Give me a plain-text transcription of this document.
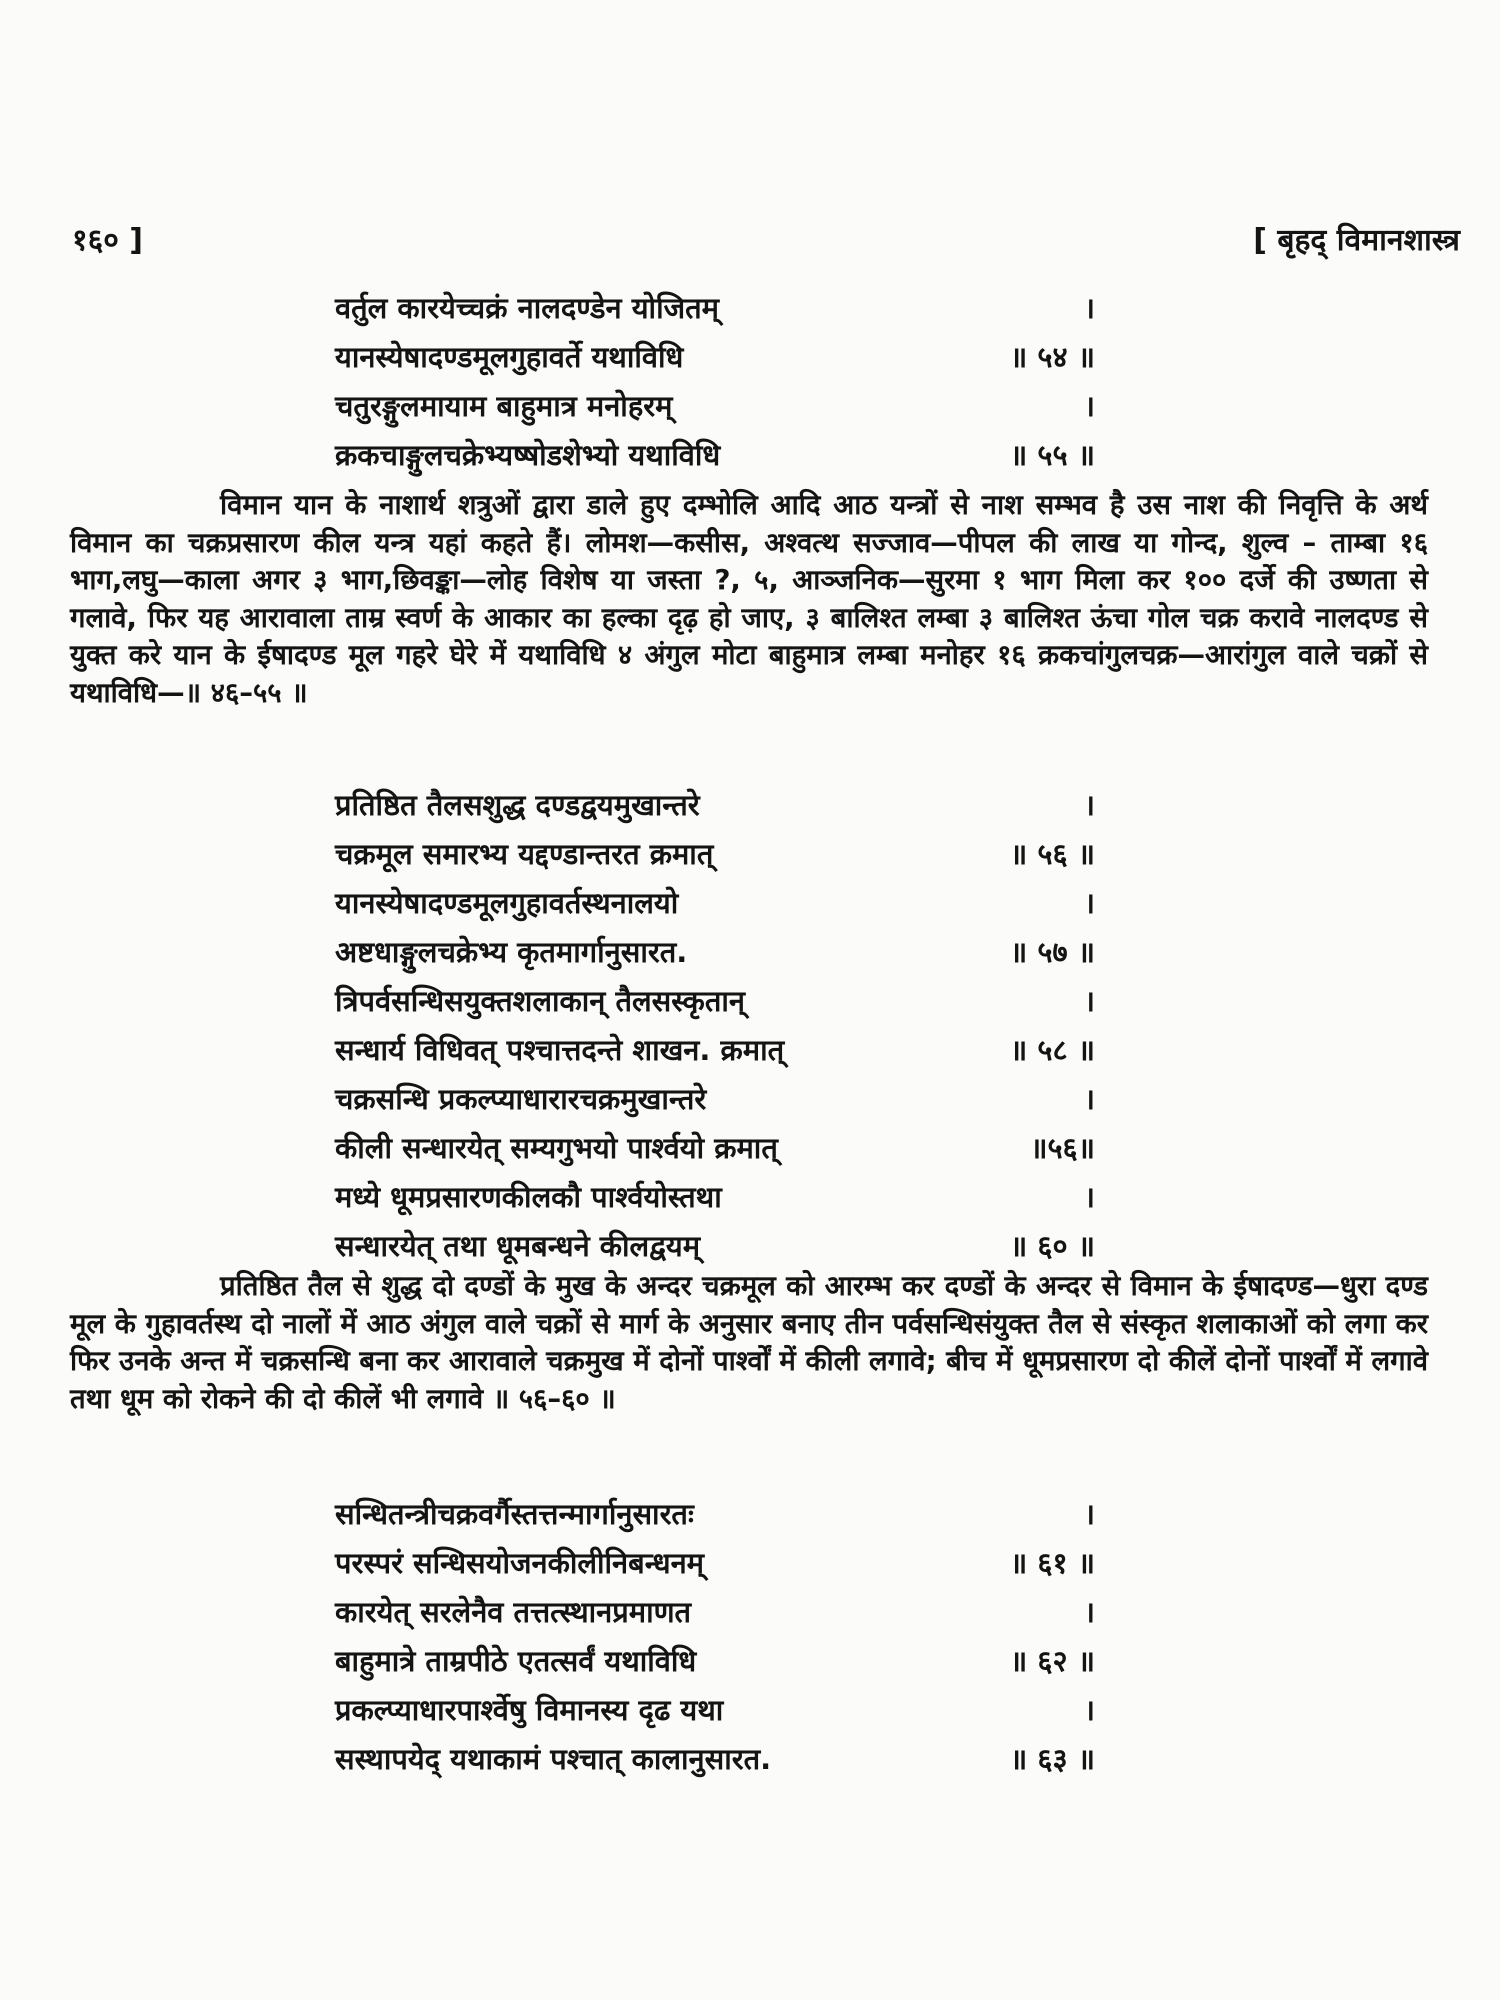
१६० ]	[ बृहद् विमानशास्त्र
वर्तुल कारयेच्चक्रं नालदण्डेन योजितम्	।
यानस्येषादण्डमूलगुहावर्ते यथाविधि	॥ ५४ ॥
चतुरङ्गुलमायाम बाहुमात्र मनोहरम्	।
क्रकचाङ्गुलचक्रेभ्यष्षोडशेभ्यो यथाविधि	॥ ५५ ॥

विमान यान के नाशार्थ शत्रुओं द्वारा डाले हुए दम्भोलि आदि आठ यन्त्रों से नाश सम्भव है उस नाश की निवृत्ति के अर्थ विमान का चक्रप्रसारण कील यन्त्र यहां कहते हैं। लोमश—कसीस, अश्वत्थ सज्जाव—पीपल की लाख या गोन्द, शुल्व – ताम्बा १६ भाग,लघु—काला अगर ३ भाग,छिवङ्का—लोह विशेष या जस्ता ?, ५, आञ्जनिक—सुरमा १ भाग मिला कर १०० दर्जे की उष्णता से गलावे, फिर यह आरावाला ताम्र स्वर्ण के आकार का हल्का दृढ़ हो जाए, ३ बालिश्त लम्बा ३ बालिश्त ऊंचा गोल चक्र करावे नालदण्ड से युक्त करे यान के ईषादण्ड मूल गहरे घेरे में यथाविधि ४ अंगुल मोटा बाहुमात्र लम्बा मनोहर १६ क्रकचांगुलचक्र—आरांगुल वाले चक्रों से यथाविधि—॥ ४६–५५ ॥

प्रतिष्ठित तैलसशुद्ध दण्डद्वयमुखान्तरे	।
चक्रमूल समारभ्य यद्दण्डान्तरत क्रमात्	॥ ५६ ॥
यानस्येषादण्डमूलगुहावर्तस्थनालयो	।
अष्टधाङ्गुलचक्रेभ्य कृतमार्गानुसारत.	॥ ५७ ॥
त्रिपर्वसन्धिसयुक्तशलाकान् तैलसस्कृतान्	।
सन्धार्य विधिवत् पश्चात्तदन्ते शाखन. क्रमात्	॥ ५८ ॥
चक्रसन्धि प्रकल्प्याधारारचक्रमुखान्तरे	।
कीली सन्धारयेत् सम्यगुभयो पार्श्वयो क्रमात्	॥५६॥
मध्ये धूमप्रसारणकीलकौ पार्श्वयोस्तथा	।
सन्धारयेत् तथा धूमबन्धने कीलद्वयम्	॥ ६० ॥

प्रतिष्ठित तैल से शुद्ध दो दण्डों के मुख के अन्दर चक्रमूल को आरम्भ कर दण्डों के अन्दर से विमान के ईषादण्ड—धुरा दण्ड मूल के गुहावर्तस्थ दो नालों में आठ अंगुल वाले चक्रों से मार्ग के अनुसार बनाए तीन पर्वसन्धिसंयुक्त तैल से संस्कृत शलाकाओं को लगा कर फिर उनके अन्त में चक्रसन्धि बना कर आरावाले चक्रमुख में दोनों पार्श्वों में कीली लगावे; बीच में धूमप्रसारण दो कीलें दोनों पार्श्वों में लगावे तथा धूम को रोकने की दो कीलें भी लगावे ॥ ५६–६० ॥

सन्धितन्त्रीचक्रवर्गैस्तत्तन्मार्गानुसारतः	।
परस्परं सन्धिसयोजनकीलीनिबन्धनम्	॥ ६१ ॥
कारयेत् सरलेनैव तत्तत्स्थानप्रमाणत	।
बाहुमात्रे ताम्रपीठे एतत्सर्वं यथाविधि	॥ ६२ ॥
प्रकल्प्याधारपार्श्वेषु विमानस्य दृढ यथा	।
सस्थापयेद् यथाकामं पश्चात् कालानुसारत.	॥ ६३ ॥
